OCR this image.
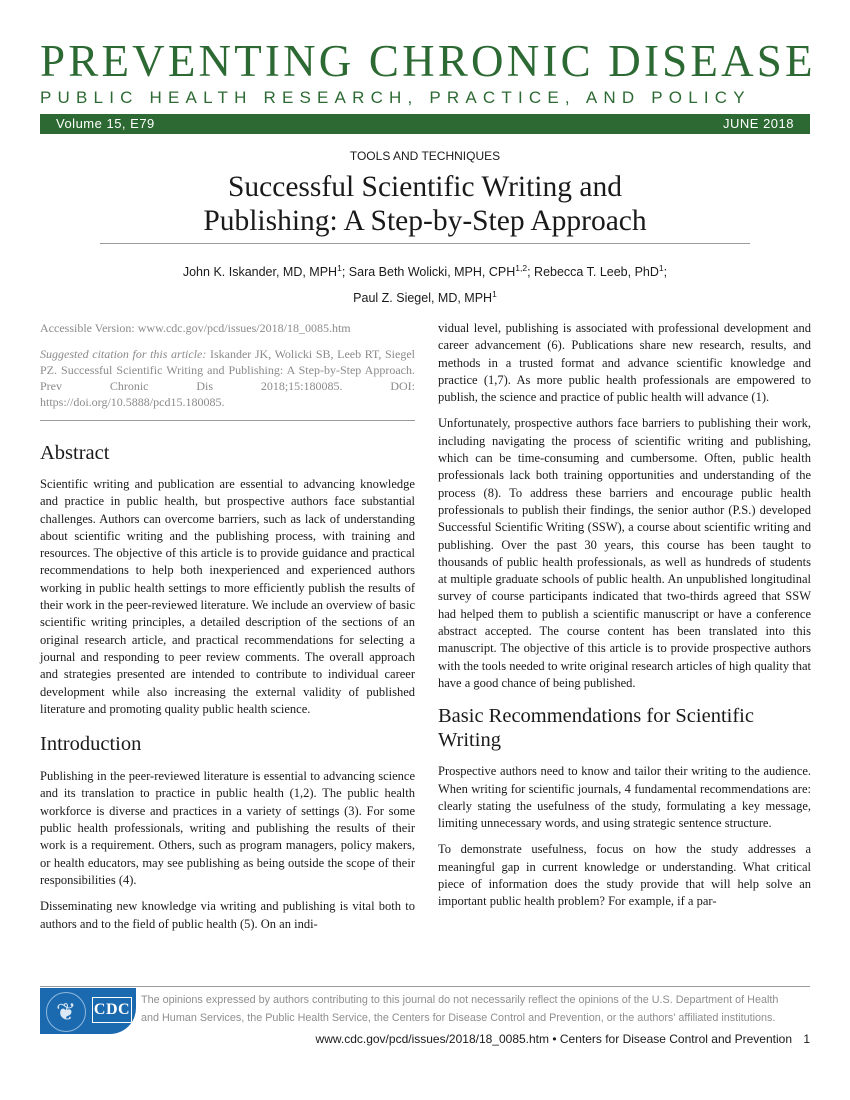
PREVENTING CHRONIC DISEASE
PUBLIC HEALTH RESEARCH, PRACTICE, AND POLICY
Volume 15, E79	JUNE 2018
TOOLS AND TECHNIQUES
Successful Scientific Writing and
Publishing: A Step-by-Step Approach
John K. Iskander, MD, MPH$^1$; Sara Beth Wolicki, MPH, CPH$^{1,2}$; Rebecca T. Leeb, PhD$^1$;
Paul Z. Siegel, MD, MPH$^1$

Accessible Version: www.cdc.gov/pcd/issues/2018/18_0085.htm

Suggested citation for this article: Iskander JK, Wolicki SB, Leeb RT, Siegel PZ. Successful Scientific Writing and Publishing: A Step-by-Step Approach. Prev Chronic Dis 2018;15:180085. DOI: https://doi.org/10.5888/pcd15.180085.

Abstract

Scientific writing and publication are essential to advancing knowledge and practice in public health, but prospective authors face substantial challenges. Authors can overcome barriers, such as lack of understanding about scientific writing and the publishing process, with training and resources. The objective of this article is to provide guidance and practical recommendations to help both inexperienced and experienced authors working in public health settings to more efficiently publish the results of their work in the peer-reviewed literature. We include an overview of basic scientific writing principles, a detailed description of the sections of an original research article, and practical recommendations for selecting a journal and responding to peer review comments. The overall approach and strategies presented are intended to contribute to individual career development while also increasing the external validity of published literature and promoting quality public health science.

Introduction

Publishing in the peer-reviewed literature is essential to advancing science and its translation to practice in public health (1,2). The public health workforce is diverse and practices in a variety of settings (3). For some public health professionals, writing and publishing the results of their work is a requirement. Others, such as program managers, policy makers, or health educators, may see publishing as being outside the scope of their responsibilities (4).

Disseminating new knowledge via writing and publishing is vital both to authors and to the field of public health (5). On an indi-

vidual level, publishing is associated with professional development and career advancement (6). Publications share new research, results, and methods in a trusted format and advance scientific knowledge and practice (1,7). As more public health professionals are empowered to publish, the science and practice of public health will advance (1).

Unfortunately, prospective authors face barriers to publishing their work, including navigating the process of scientific writing and publishing, which can be time-consuming and cumbersome. Often, public health professionals lack both training opportunities and understanding of the process (8). To address these barriers and encourage public health professionals to publish their findings, the senior author (P.S.) developed Successful Scientific Writing (SSW), a course about scientific writing and publishing. Over the past 30 years, this course has been taught to thousands of public health professionals, as well as hundreds of students at multiple graduate schools of public health. An unpublished longitudinal survey of course participants indicated that two-thirds agreed that SSW had helped them to publish a scientific manuscript or have a conference abstract accepted. The course content has been translated into this manuscript. The objective of this article is to provide prospective authors with the tools needed to write original research articles of high quality that have a good chance of being published.

Basic Recommendations for Scientific Writing

Prospective authors need to know and tailor their writing to the audience. When writing for scientific journals, 4 fundamental recommendations are: clearly stating the usefulness of the study, formulating a key message, limiting unnecessary words, and using strategic sentence structure.

To demonstrate usefulness, focus on how the study addresses a meaningful gap in current knowledge or understanding. What critical piece of information does the study provide that will help solve an important public health problem? For example, if a par-

❦ CDC
The opinions expressed by authors contributing to this journal do not necessarily reflect the opinions of the U.S. Department of Health
and Human Services, the Public Health Service, the Centers for Disease Control and Prevention, or the authors' affiliated institutions.
www.cdc.gov/pcd/issues/2018/18_0085.htm • Centers for Disease Control and Prevention 1
